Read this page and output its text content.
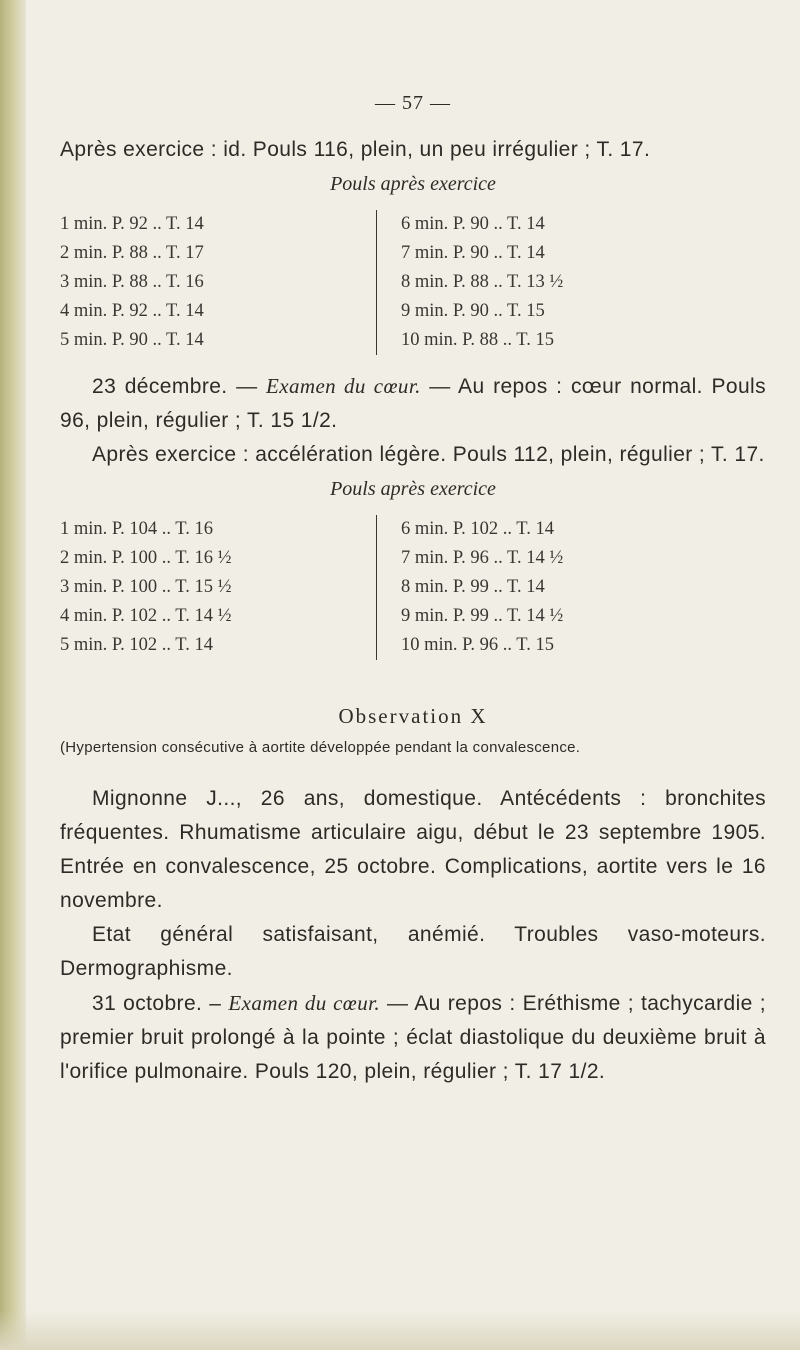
— 57 —

Après exercice : id. Pouls 116, plein, un peu irrégulier ; T. 17.

Pouls après exercice
1 min. P. 92 .. T. 14
2 min. P. 88 .. T. 17
3 min. P. 88 .. T. 16
4 min. P. 92 .. T. 14
5 min. P. 90 .. T. 14
6 min. P. 90 .. T. 14
7 min. P. 90 .. T. 14
8 min. P. 88 .. T. 13 ½
9 min. P. 90 .. T. 15
10 min. P. 88 .. T. 15

23 décembre. — Examen du cœur. — Au repos : cœur normal. Pouls 96, plein, régulier ; T. 15 1/2.

Après exercice : accélération légère. Pouls 112, plein, régulier ; T. 17.

Pouls après exercice
1 min. P. 104 .. T. 16
2 min. P. 100 .. T. 16 ½
3 min. P. 100 .. T. 15 ½
4 min. P. 102 .. T. 14 ½
5 min. P. 102 .. T. 14
6 min. P. 102 .. T. 14
7 min. P. 96 .. T. 14 ½
8 min. P. 99 .. T. 14
9 min. P. 99 .. T. 14 ½
10 min. P. 96 .. T. 15
Observation X
(Hypertension consécutive à aortite développée pendant la convalescence.

Mignonne J..., 26 ans, domestique. Antécédents : bronchites fréquentes. Rhumatisme articulaire aigu, début le 23 septembre 1905. Entrée en convalescence, 25 octobre. Complications, aortite vers le 16 novembre.

Etat général satisfaisant, anémié. Troubles vaso-moteurs. Dermographisme.

31 octobre. – Examen du cœur. — Au repos : Eréthisme ; tachycardie ; premier bruit prolongé à la pointe ; éclat diastolique du deuxième bruit à l'orifice pulmonaire. Pouls 120, plein, régulier ; T. 17 1/2.
